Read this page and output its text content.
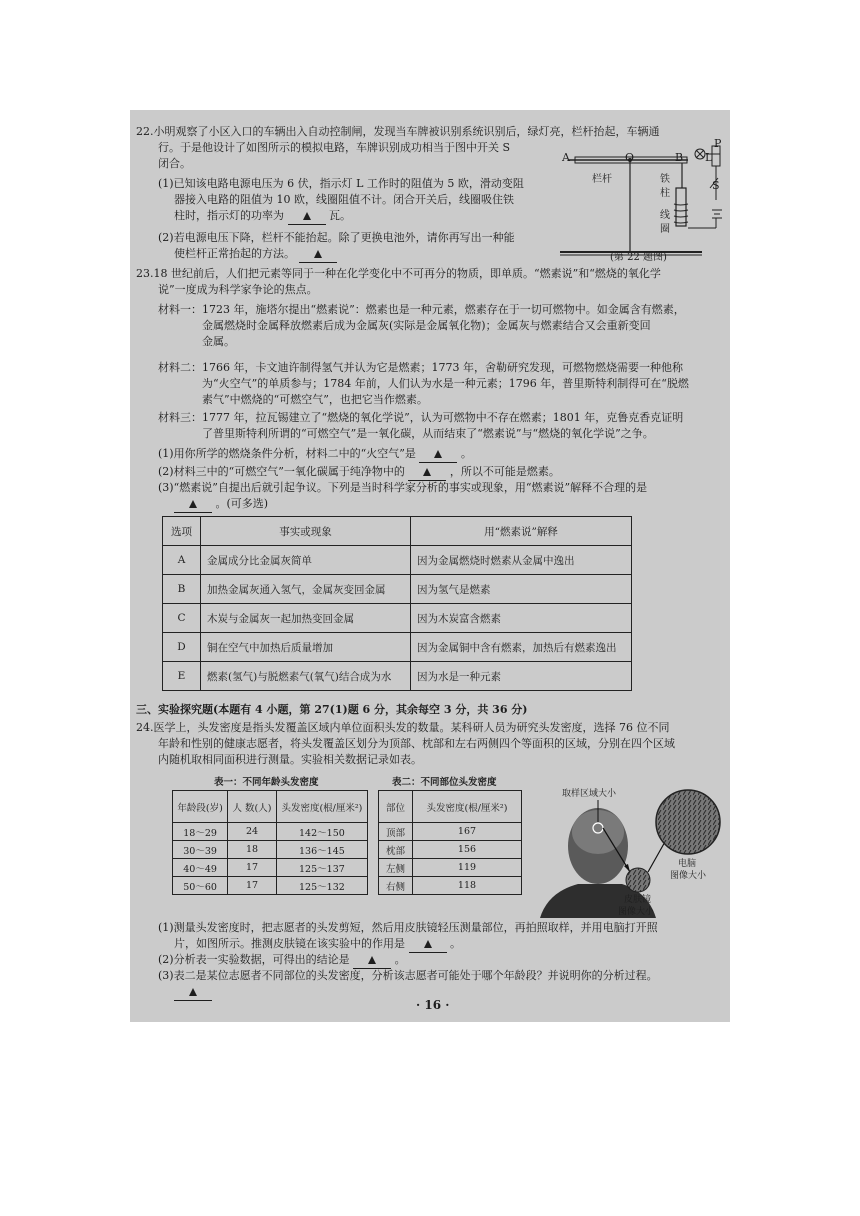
22.小明观察了小区入口的车辆出入自动控制闸，发现当车牌被识别系统识别后，绿灯亮，栏杆抬起，车辆通
行。于是他设计了如图所示的模拟电路，车牌识别成功相当于图中开关 S
闭合。
(1)已知该电路电源电压为 6 伏，指示灯 L 工作时的阻值为 5 欧，滑动变阻
器接入电路的阻值为 10 欧，线圈阻值不计。闭合开关后，线圈吸住铁
柱时，指示灯的功率为	瓦。
(2)若电源电压下降，栏杆不能抬起。除了更换电池外，请你再写出一种能
使栏杆正常抬起的方法。
A	O	B L
P
S
栏杆	铁
柱
线
圈
(第 22 题图)
23.18 世纪前后，人们把元素等同于一种在化学变化中不可再分的物质，即单质。“燃素说”和“燃烧的氧化学
说”一度成为科学家争论的焦点。
材料一：1723 年，施塔尔提出“燃素说”：燃素也是一种元素，燃素存在于一切可燃物中。如金属含有燃素，
金属燃烧时金属释放燃素后成为金属灰(实际是金属氧化物)；金属灰与燃素结合又会重新变回
金属。
材料二：1766 年，卡文迪许制得氢气并认为它是燃素；1773 年，舍勒研究发现，可燃物燃烧需要一种他称
为“火空气”的单质参与；1784 年前，人们认为水是一种元素；1796 年，普里斯特利制得可在“脱燃
素气”中燃烧的“可燃空气”，也把它当作燃素。
材料三：1777 年，拉瓦锡建立了“燃烧的氧化学说”，认为可燃物中不存在燃素；1801 年，克鲁克香克证明
了普里斯特利所谓的“可燃空气”是一氧化碳，从而结束了“燃素说”与“燃烧的氧化学说”之争。
(1)用你所学的燃烧条件分析，材料二中的“火空气”是	。
(2)材料三中的“可燃空气”一氧化碳属于纯净物中的	，所以不可能是燃素。
(3)“燃素说”自提出后就引起争议。下列是当时科学家分析的事实或现象，用“燃素说”解释不合理的是
。(可多选)
选项	事实或现象	用“燃素说”解释
A	金属成分比金属灰简单	因为金属燃烧时燃素从金属中逸出
B	加热金属灰通入氢气，金属灰变回金属	因为氢气是燃素
C	木炭与金属灰一起加热变回金属	因为木炭富含燃素
D	铜在空气中加热后质量增加	因为金属铜中含有燃素，加热后有燃素逸出
E	燃素(氢气)与脱燃素气(氧气)结合成为水	因为水是一种元素
三、实验探究题(本题有 4 小题，第 27(1)题 6 分，其余每空 3 分，共 36 分)
24.医学上，头发密度是指头发覆盖区域内单位面积头发的数量。某科研人员为研究头发密度，选择 76 位不同
年龄和性别的健康志愿者，将头发覆盖区划分为顶部、枕部和左右两侧四个等面积的区域，分别在四个区域
内随机取相同面积进行测量。实验相关数据记录如表。
表一：不同年龄头发密度
年龄段(岁)	人 数(人)	头发密度(根/厘米²)
18～29	24	142～150
30～39	18	136～145
40～49	17	125～137
50～60	17	125～132
表二：不同部位头发密度
部位	头发密度(根/厘米²)
顶部	167
枕部	156
左侧	119
右侧	118
取样区域大小
电脑
图像大小
皮肤镜
图像大小
(1)测量头发密度时，把志愿者的头发剪短，然后用皮肤镜轻压测量部位，再拍照取样，并用电脑打开照
片，如图所示。推测皮肤镜在该实验中的作用是	。
(2)分析表一实验数据，可得出的结论是	。
(3)表二是某位志愿者不同部位的头发密度，分析该志愿者可能处于哪个年龄段？并说明你的分析过程。
· 16 ·
